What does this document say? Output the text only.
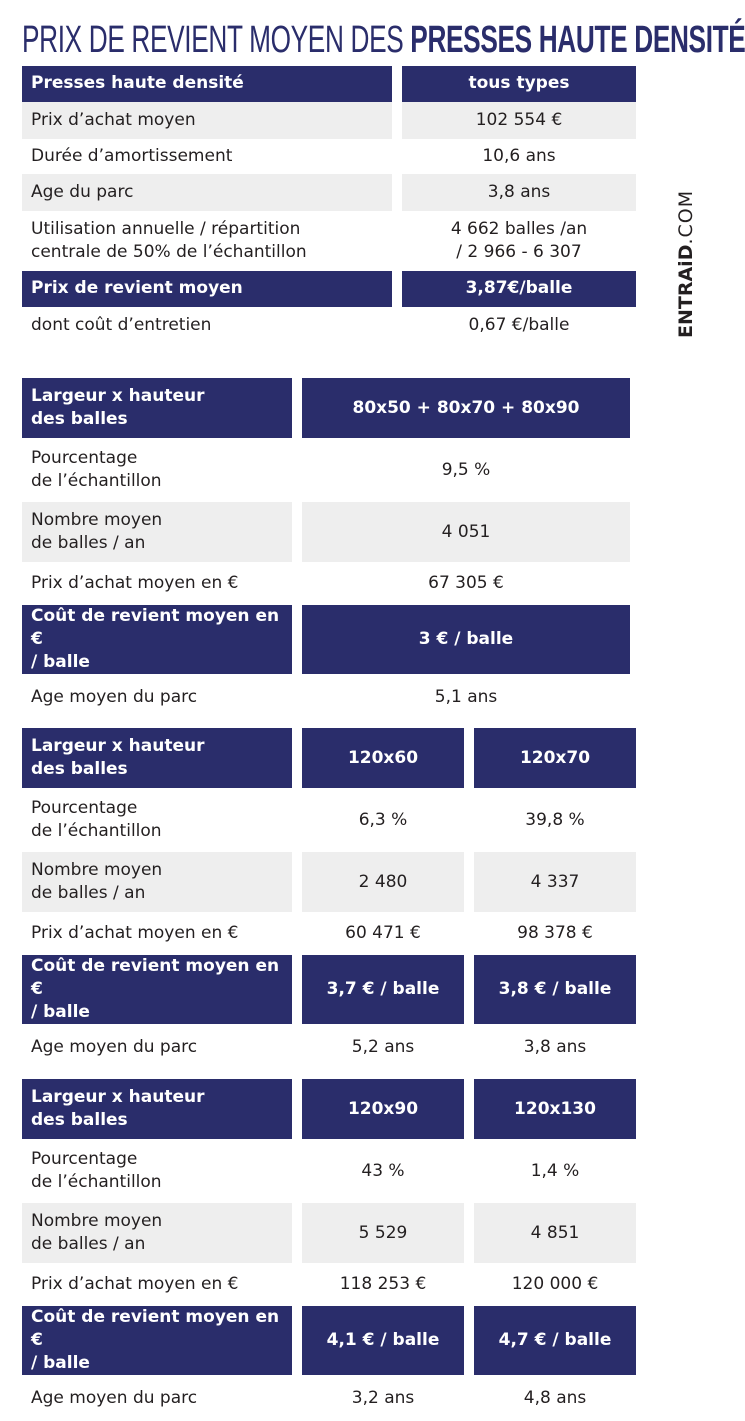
PRIX DE REVIENT MOYEN DES PRESSES HAUTE DENSITÉ
ENTRAiD.COM
Presses haute densité	tous types
Prix d’achat moyen	102 554 €
Durée d’amortissement	10,6 ans
Age du parc	3,8 ans
Utilisation annuelle / répartition
centrale de 50% de l’échantillon	4 662 balles /an
/ 2 966 - 6 307
Prix de revient moyen	3,87€/balle
dont coût d’entretien	0,67 €/balle
Largeur x hauteur
des balles	80x50 + 80x70 + 80x90
Pourcentage
de l’échantillon	9,5 %
Nombre moyen
de balles / an	4 051
Prix d’achat moyen en €	67 305 €
Coût de revient moyen en €
/ balle	3 € / balle
Age moyen du parc	5,1 ans
Largeur x hauteur
des balles	120x60	120x70
Pourcentage
de l’échantillon	6,3 %	39,8 %
Nombre moyen
de balles / an	2 480	4 337
Prix d’achat moyen en €	60 471 €	98 378 €
Coût de revient moyen en €
/ balle	3,7 € / balle	3,8 € / balle
Age moyen du parc	5,2 ans	3,8 ans
Largeur x hauteur
des balles	120x90	120x130
Pourcentage
de l’échantillon	43 %	1,4 %
Nombre moyen
de balles / an	5 529	4 851
Prix d’achat moyen en €	118 253 €	120 000 €
Coût de revient moyen en €
/ balle	4,1 € / balle	4,7 € / balle
Age moyen du parc	3,2 ans	4,8 ans
